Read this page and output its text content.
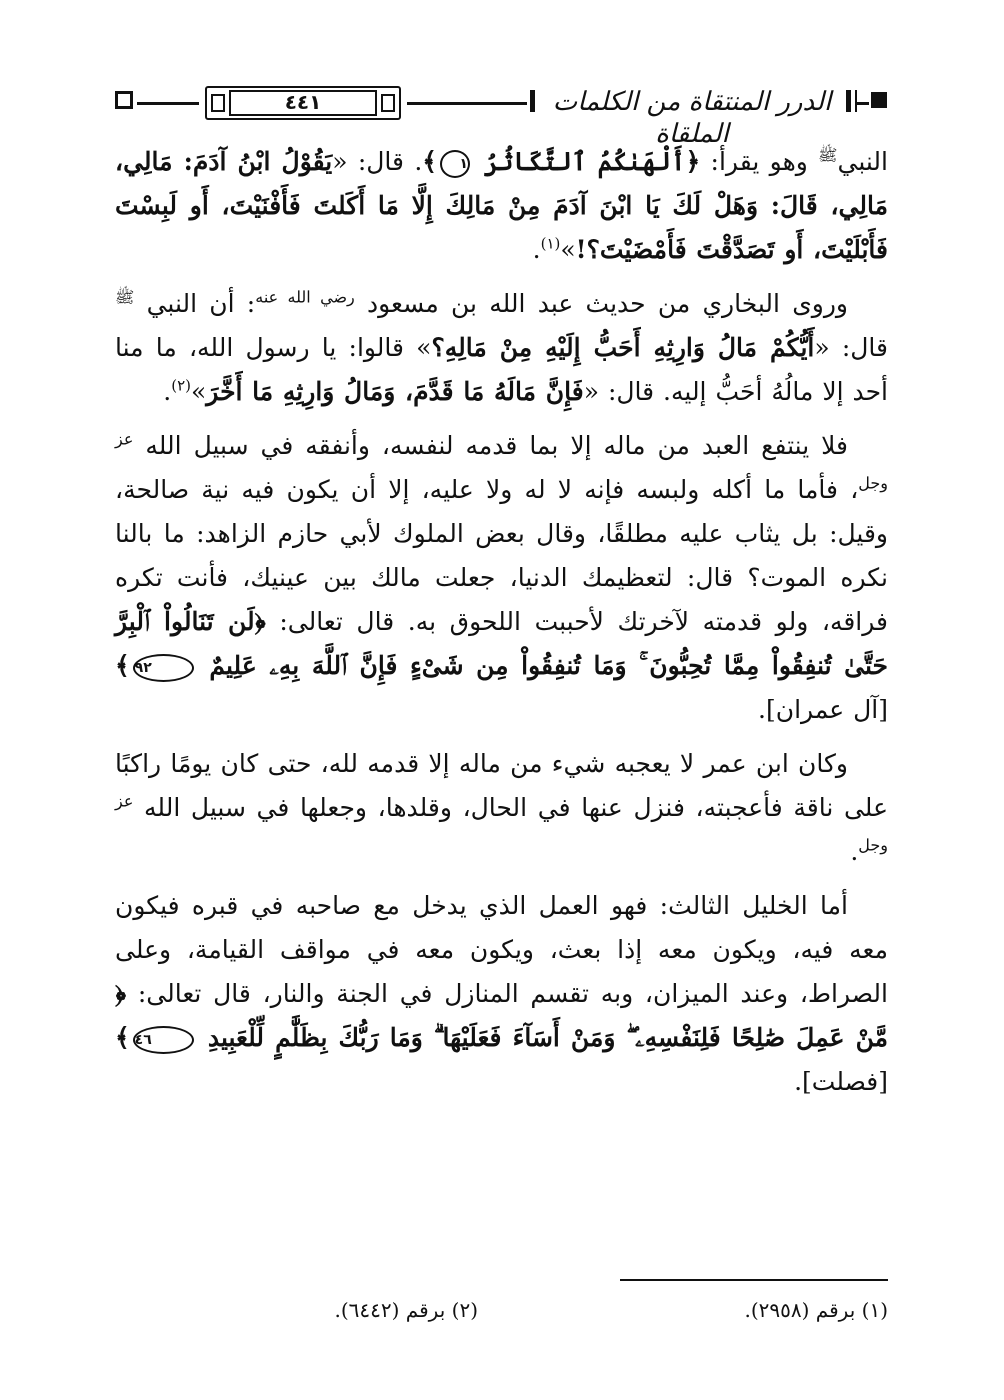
٤٤١	الدرر المنتقاة من الكلمات الملقاة

النبي$^ﷺ$ وهو يقرأ: ﴿أَلْهَىٰكُمُ ٱلتَّكَاثُرُ ١﴾. قال: «يَقُوْلُ ابْنُ آدَمَ: مَالِي، مَالِي، قَالَ: وَهَلْ لَكَ يَا ابْنَ آدَمَ مِنْ مَالِكَ إِلَّا مَا أَكَلتَ فَأَفْنَيْتَ، أَو لَبِسْتَ فَأَبْلَيْتَ، أَو تَصَدَّقْتَ فَأَمْضَيْتَ؟!»$^{(١)}$.

وروى البخاري من حديث عبد الله بن مسعود $^{رضي الله عنه}$: أن النبي $^ﷺ$ قال: «أَيُّكُمْ مَالُ وَارِثِهِ أَحَبُّ إِلَيْهِ مِنْ مَالِهِ؟» قالوا: يا رسول الله، ما منا أحد إلا مالُهُ أحَبُّ إليه. قال: «فَإِنَّ مَالَهُ مَا قَدَّمَ، وَمَالُ وَارِثِهِ مَا أَخَّرَ»$^{(٢)}$.

فلا ينتفع العبد من ماله إلا بما قدمه لنفسه، وأنفقه في سبيل الله $^{عز وجل}$، فأما ما أكله ولبسه فإنه لا له ولا عليه، إلا أن يكون فيه نية صالحة، وقيل: بل يثاب عليه مطلقًا، وقال بعض الملوك لأبي حازم الزاهد: ما بالنا نكره الموت؟ قال: لتعظيمك الدنيا، جعلت مالك بين عينيك، فأنت تكره فراقه، ولو قدمته لآخرتك لأحببت اللحوق به. قال تعالى: ﴿لَن تَنَالُواْ ٱلْبِرَّ حَتَّىٰ تُنفِقُواْ مِمَّا تُحِبُّونَ ۚ وَمَا تُنفِقُواْ مِن شَىْءٍ فَإِنَّ ٱللَّهَ بِهِۦ عَلِيمٌ ٩٢﴾ [آل عمران].

وكان ابن عمر لا يعجبه شيء من ماله إلا قدمه لله، حتى كان يومًا راكبًا على ناقة فأعجبته، فنزل عنها في الحال، وقلدها، وجعلها في سبيل الله $^{عز وجل}$.

أما الخليل الثالث: فهو العمل الذي يدخل مع صاحبه في قبره فيكون معه فيه، ويكون معه إذا بعث، ويكون معه في مواقف القيامة، وعلى الصراط، وعند الميزان، وبه تقسم المنازل في الجنة والنار، قال تعالى: ﴿ مَّنْ عَمِلَ صَٰلِحًا فَلِنَفْسِهِۦ ۖ وَمَنْ أَسَآءَ فَعَلَيْهَا ۗ وَمَا رَبُّكَ بِظَلَّٰمٍ لِّلْعَبِيدِ ٤٦﴾ [فصلت].

(١) برقم (٢٩٥٨).
(٢) برقم (٦٤٤٢).
